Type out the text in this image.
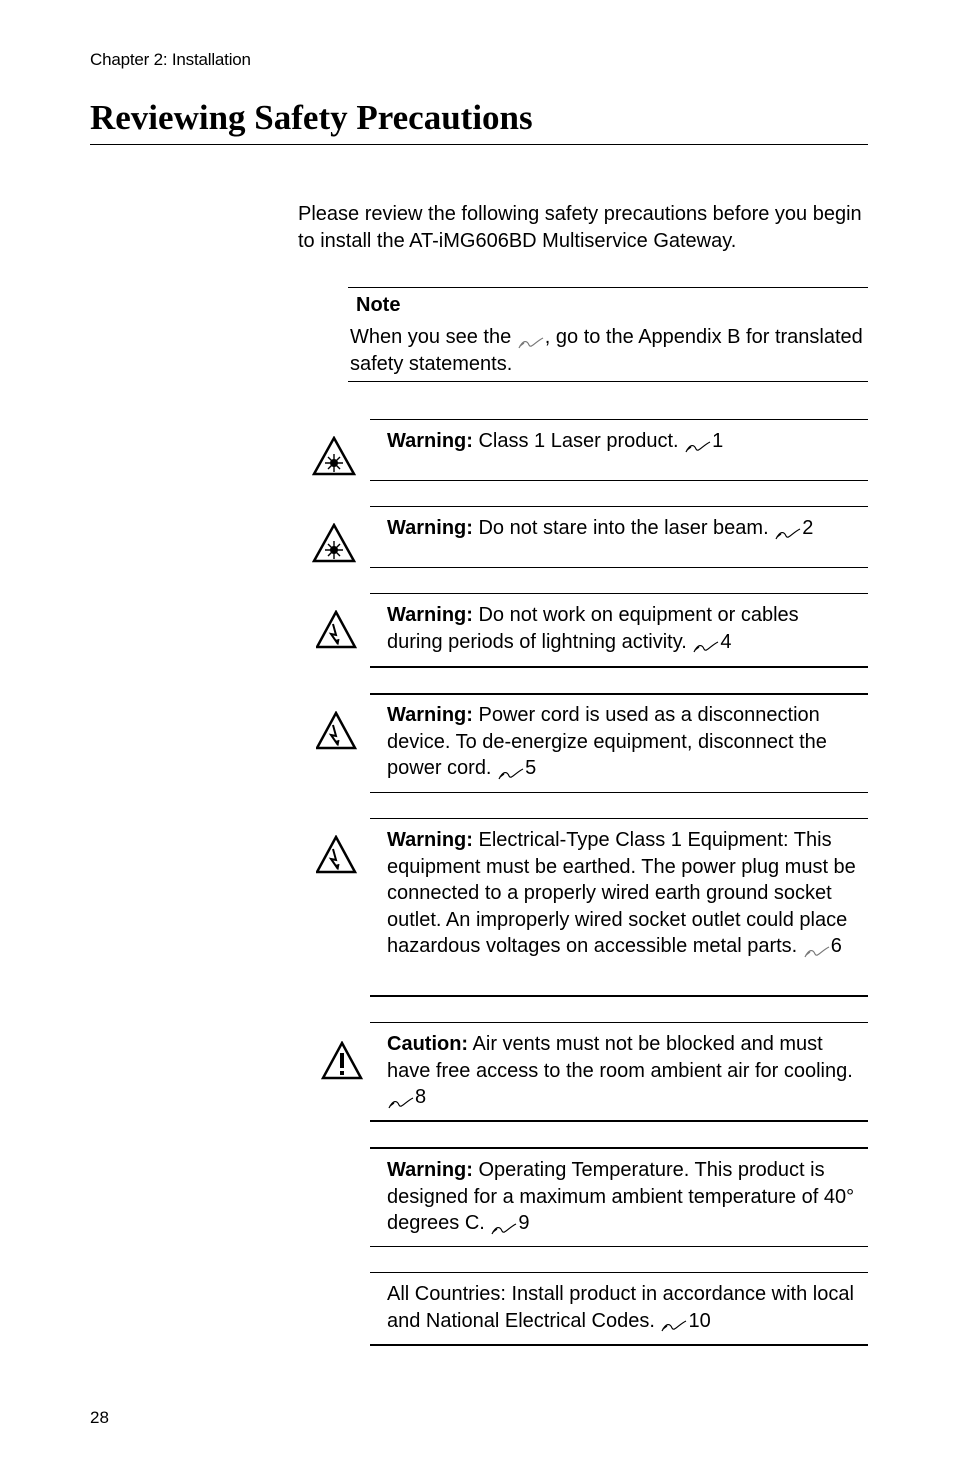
Chapter 2: Installation
Reviewing Safety Precautions
Please review the following safety precautions before you begin to install the AT-iMG606BD Multiservice Gateway.
Note
When you see the , go to the Appendix B for translated safety statements.
Warning: Class 1 Laser product. 1
Warning: Do not stare into the laser beam. 2
Warning: Do not work on equipment or cables during periods of lightning activity. 4
Warning: Power cord is used as a disconnection device. To de-energize equipment, disconnect the power cord. 5
Warning: Electrical-Type Class 1 Equipment: This equipment must be earthed. The power plug must be connected to a properly wired earth ground socket outlet. An improperly wired socket outlet could place hazardous voltages on accessible metal parts. 6
Caution: Air vents must not be blocked and must have free access to the room ambient air for cooling. 8
Warning: Operating Temperature. This product is designed for a maximum ambient temperature of 40° degrees C. 9
All Countries: Install product in accordance with local and National Electrical Codes. 10
28
